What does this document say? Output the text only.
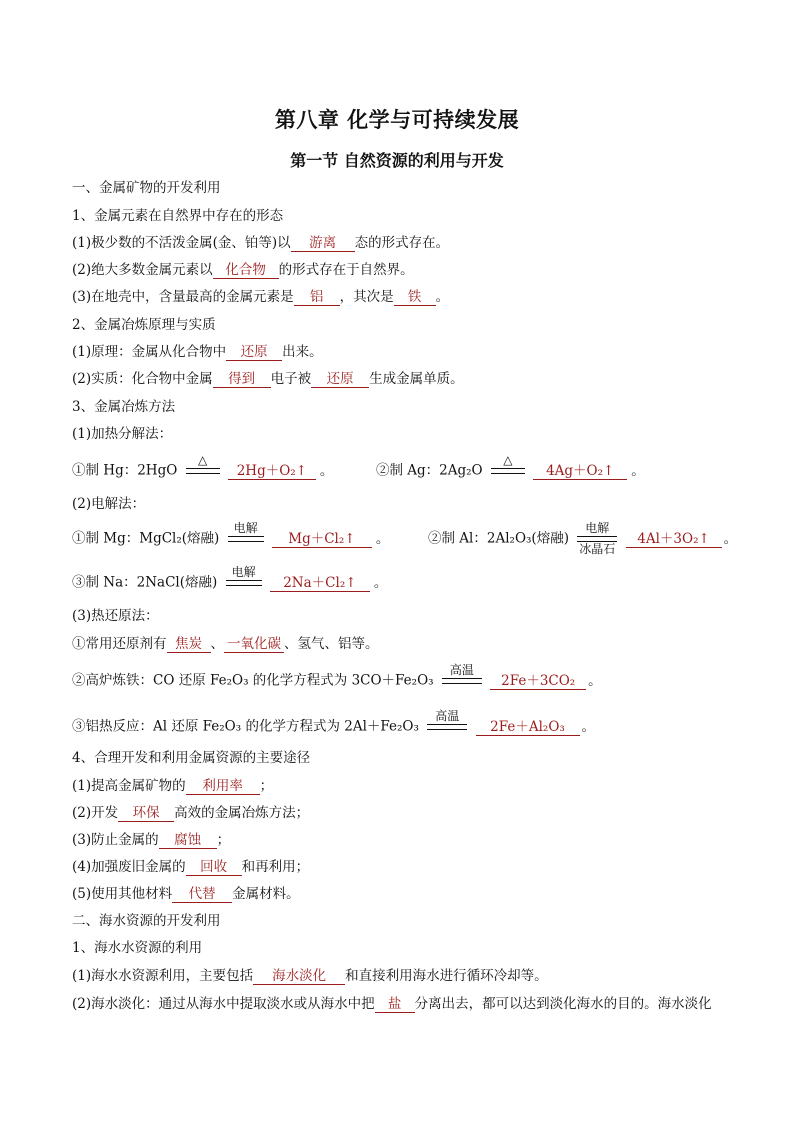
第八章 化学与可持续发展
第一节 自然资源的利用与开发
一、金属矿物的开发利用
1、金属元素在自然界中存在的形态
(1)极少数的不活泼金属(金、铂等)以 游离 态的形式存在。
(2)绝大多数金属元素以 化合物 的形式存在于自然界。
(3)在地壳中，含量最高的金属元素是 铝 ，其次是 铁 。
2、金属冶炼原理与实质
(1)原理：金属从化合物中 还原 出来。
(2)实质：化合物中金属 得到 电子被 还原 生成金属单质。
3、金属冶炼方法
(1)加热分解法：
①制 Hg：2HgO
△

2Hg＋O₂↑ 。	②制 Ag：2Ag₂O
△

4Ag＋O₂↑ 。
(2)电解法：
①制 Mg：MgCl₂(熔融)
电解

Mg＋Cl₂↑ 。	②制 Al：2Al₂O₃(熔融)
电解
冰晶石
4Al＋3O₂↑ 。
③制 Na：2NaCl(熔融)
电解

2Na＋Cl₂↑ 。
(3)热还原法：
①常用还原剂有 焦炭 、 一氧化碳 、氢气、铝等。
②高炉炼铁：CO 还原 Fe₂O₃ 的化学方程式为 3CO＋Fe₂O₃
高温

2Fe＋3CO₂ 。
③铝热反应：Al 还原 Fe₂O₃ 的化学方程式为 2Al＋Fe₂O₃
高温

2Fe＋Al₂O₃ 。
4、合理开发和利用金属资源的主要途径
(1)提高金属矿物的 利用率 ；
(2)开发 环保 高效的金属冶炼方法；
(3)防止金属的 腐蚀 ；
(4)加强废旧金属的 回收 和再利用；
(5)使用其他材料 代替 金属材料。
二、海水资源的开发利用
1、海水水资源的利用
(1)海水水资源利用，主要包括 海水淡化 和直接利用海水进行循环冷却等。
(2)海水淡化：通过从海水中提取淡水或从海水中把 盐 分离出去，都可以达到淡化海水的目的。海水淡化
